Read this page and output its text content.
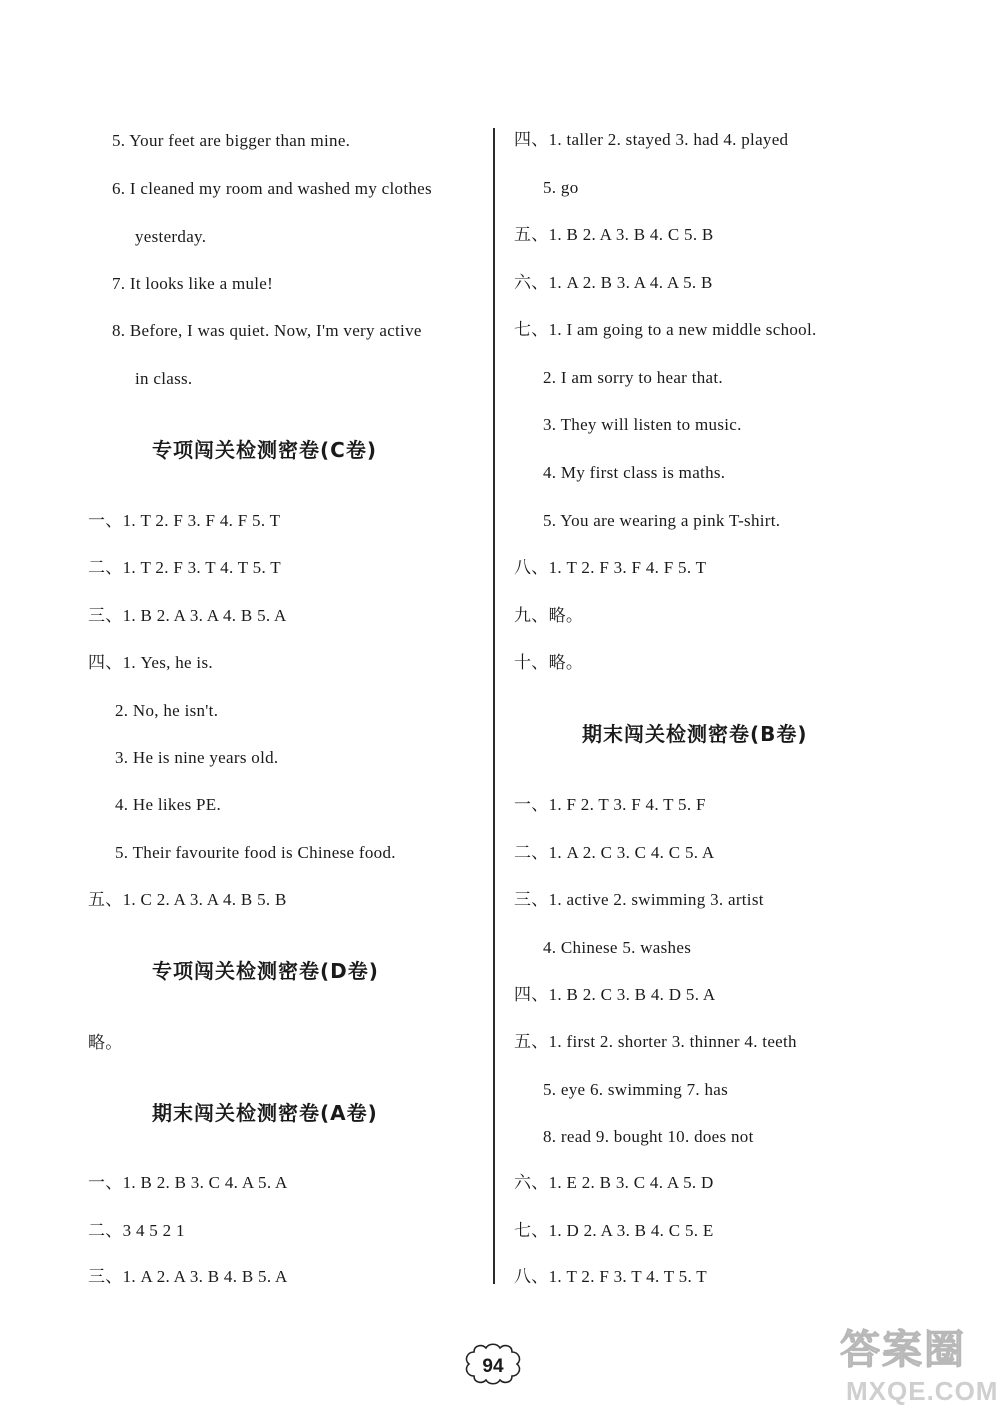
5. Your feet are bigger than mine.
6. I cleaned my room and washed my clothes
yesterday.
7. It looks like a mule!
8. Before, I was quiet. Now, I'm very active
in class.
专项闯关检测密卷(C卷)
一、1. T 2. F 3. F 4. F 5. T
二、1. T 2. F 3. T 4. T 5. T
三、1. B 2. A 3. A 4. B 5. A
四、1. Yes, he is.
2. No, he isn't.
3. He is nine years old.
4. He likes PE.
5. Their favourite food is Chinese food.
五、1. C 2. A 3. A 4. B 5. B
专项闯关检测密卷(D卷)
略。
期末闯关检测密卷(A卷)
一、1. B 2. B 3. C 4. A 5. A
二、3 4 5 2 1
三、1. A 2. A 3. B 4. B 5. A
四、1. taller 2. stayed 3. had 4. played
5. go
五、1. B 2. A 3. B 4. C 5. B
六、1. A 2. B 3. A 4. A 5. B
七、1. I am going to a new middle school.
2. I am sorry to hear that.
3. They will listen to music.
4. My first class is maths.
5. You are wearing a pink T-shirt.
八、1. T 2. F 3. F 4. F 5. T
九、略。
十、略。
期末闯关检测密卷(B卷)
一、1. F 2. T 3. F 4. T 5. F
二、1. A 2. C 3. C 4. C 5. A
三、1. active 2. swimming 3. artist
4. Chinese 5. washes
四、1. B 2. C 3. B 4. D 5. A
五、1. first 2. shorter 3. thinner 4. teeth
5. eye 6. swimming 7. has
8. read 9. bought 10. does not
六、1. E 2. B 3. C 4. A 5. D
七、1. D 2. A 3. B 4. C 5. E
八、1. T 2. F 3. T 4. T 5. T
94	答案圈
MXQE.COM
